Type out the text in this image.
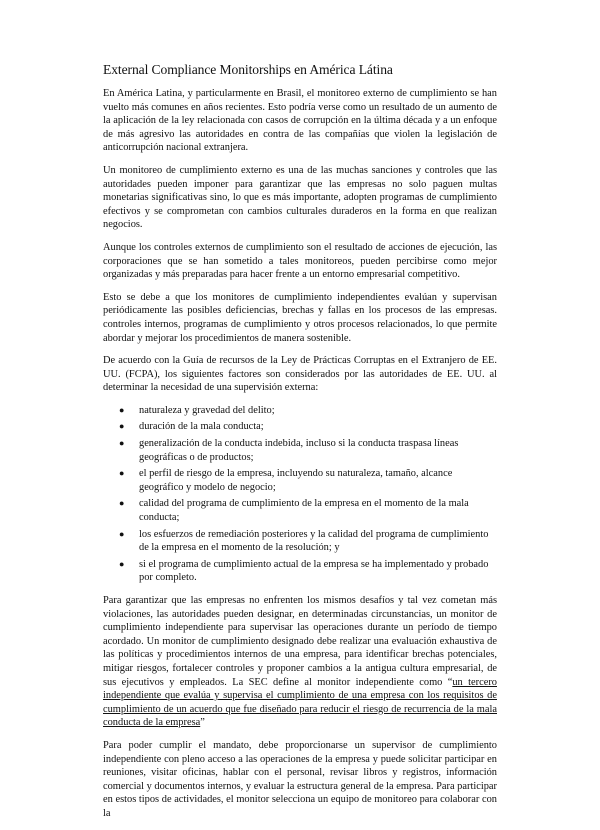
External Compliance Monitorships en América Látina

En América Latina, y particularmente en Brasil, el monitoreo externo de cumplimiento se han vuelto más comunes en años recientes. Esto podría verse como un resultado de un aumento de la aplicación de la ley relacionada con casos de corrupción en la última década y a un enfoque de más agresivo las autoridades en contra de las compañías que violen la legislación de anticorrupción nacional extranjera.

Un monitoreo de cumplimiento externo es una de las muchas sanciones y controles que las autoridades pueden imponer para garantizar que las empresas no solo paguen multas monetarias significativas sino, lo que es más importante, adopten programas de cumplimiento efectivos y se comprometan con cambios culturales duraderos en la forma en que realizan negocios.

Aunque los controles externos de cumplimiento son el resultado de acciones de ejecución, las corporaciones que se han sometido a tales monitoreos, pueden percibirse como mejor organizadas y más preparadas para hacer frente a un entorno empresarial competitivo.

Esto se debe a que los monitores de cumplimiento independientes evalúan y supervisan periódicamente las posibles deficiencias, brechas y fallas en los procesos de las empresas. controles internos, programas de cumplimiento y otros procesos relacionados, lo que permite abordar y mejorar los procedimientos de manera sostenible.

De acuerdo con la Guía de recursos de la Ley de Prácticas Corruptas en el Extranjero de EE. UU. (FCPA), los siguientes factores son considerados por las autoridades de EE. UU. al determinar la necesidad de una supervisión externa:

● naturaleza y gravedad del delito;
● duración de la mala conducta;
● generalización de la conducta indebida, incluso si la conducta traspasa líneas geográficas o de productos;
● el perfil de riesgo de la empresa, incluyendo su naturaleza, tamaño, alcance geográfico y modelo de negocio;
● calidad del programa de cumplimiento de la empresa en el momento de la mala conducta;
● los esfuerzos de remediación posteriores y la calidad del programa de cumplimiento de la empresa en el momento de la resolución; y
● si el programa de cumplimiento actual de la empresa se ha implementado y probado por completo.

Para garantizar que las empresas no enfrenten los mismos desafíos y tal vez cometan más violaciones, las autoridades pueden designar, en determinadas circunstancias, un monitor de cumplimiento independiente para supervisar las operaciones durante un período de tiempo acordado. Un monitor de cumplimiento designado debe realizar una evaluación exhaustiva de las políticas y procedimientos internos de una empresa, para identificar brechas potenciales, mitigar riesgos, fortalecer controles y proponer cambios a la antigua cultura empresarial, de sus ejecutivos y empleados. La SEC define al monitor independiente como “un tercero independiente que evalúa y supervisa el cumplimiento de una empresa con los requisitos de cumplimiento de un acuerdo que fue diseñado para reducir el riesgo de recurrencia de la mala conducta de la empresa”

Para poder cumplir el mandato, debe proporcionarse un supervisor de cumplimiento independiente con pleno acceso a las operaciones de la empresa y puede solicitar participar en reuniones, visitar oficinas, hablar con el personal, revisar libros y registros, información comercial y documentos internos, y evaluar la estructura general de la empresa. Para participar en estos tipos de actividades, el monitor selecciona un equipo de monitoreo para colaborar con la
